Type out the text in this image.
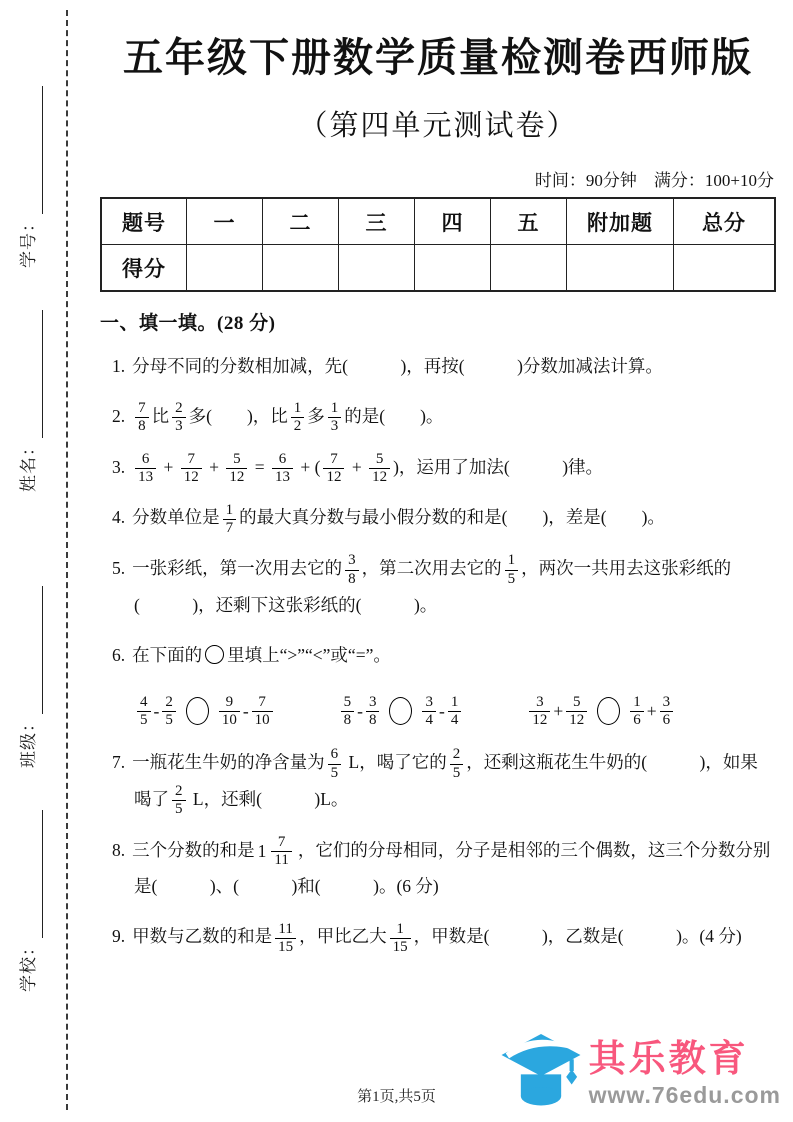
学号：
姓名：
班级：
学校：
五年级下册数学质量检测卷西师版
（第四单元测试卷）
时间：90分钟　满分：100+10分
题号	一	二	三	四	五	附加题	总分
得分							
一、填一填。(28 分)
1. 分母不同的分数相加减，先(　　　)，再按(　　　)分数加减法计算。
2. $\frac{7}{8}$ 比 $\frac{2}{3}$ 多(　　)，比 $\frac{1}{2}$ 多 $\frac{1}{3}$ 的是(　　)。
3. $\frac{6}{13} + \frac{7}{12} + \frac{5}{12} = \frac{6}{13}$ + ( $\frac{7}{12} + \frac{5}{12}$ )，运用了加法(　　　)律。
4. 分数单位是 $\frac{1}{7}$ 的最大真分数与最小假分数的和是(　　)，差是(　　)。
5. 一张彩纸，第一次用去它的 $\frac{3}{8}$ ，第二次用去它的 $\frac{1}{5}$ ，两次一共用去这张彩纸的
(　　　)，还剩下这张彩纸的(　　　)。
6. 在下面的 里填上“>”“<”或“=”。
$\frac{4}{5} - \frac{2}{5}$	$\frac{9}{10} - \frac{7}{10}$	$\frac{5}{8} - \frac{3}{8}$	$\frac{3}{4} - \frac{1}{4}$	$\frac{3}{12} + \frac{5}{12}$	$\frac{1}{6} + \frac{3}{6}$
7. 一瓶花生牛奶的净含量为 $\frac{6}{5}$ L，喝了它的 $\frac{2}{5}$ ，还剩这瓶花生牛奶的(　　　)，如果
喝了 $\frac{2}{5}$ L，还剩(　　　)L。
8. 三个分数的和是 $1 \frac{7}{11}$ ，它们的分母相同，分子是相邻的三个偶数，这三个分数分别
是(　　　)、(　　　)和(　　　)。(6 分)
9. 甲数与乙数的和是 $\frac{11}{15}$ ，甲比乙大 $\frac{1}{15}$ ，甲数是(　　　)，乙数是(　　　)。(4 分)
第1页,共5页
其乐教育
www.76edu.com
